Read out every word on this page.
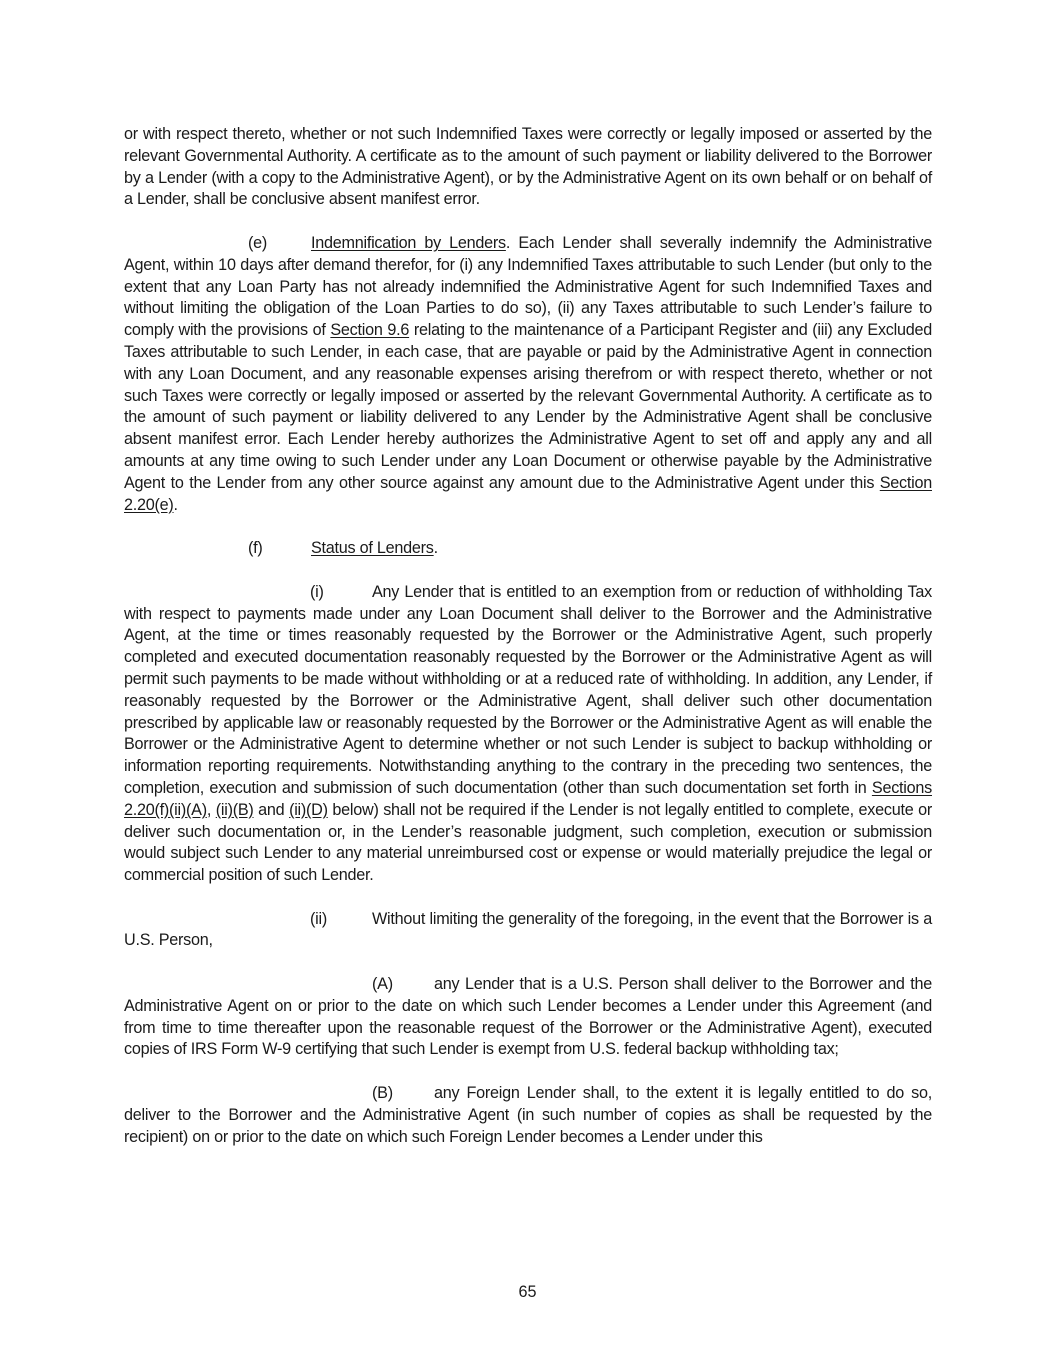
or with respect thereto, whether or not such Indemnified Taxes were correctly or legally imposed or asserted by the relevant Governmental Authority. A certificate as to the amount of such payment or liability delivered to the Borrower by a Lender (with a copy to the Administrative Agent), or by the Administrative Agent on its own behalf or on behalf of a Lender, shall be conclusive absent manifest error.

(e)	Indemnification by Lenders. Each Lender shall severally indemnify the Administrative Agent, within 10 days after demand therefor, for (i) any Indemnified Taxes attributable to such Lender (but only to the extent that any Loan Party has not already indemnified the Administrative Agent for such Indemnified Taxes and without limiting the obligation of the Loan Parties to do so), (ii) any Taxes attributable to such Lender’s failure to comply with the provisions of Section 9.6 relating to the maintenance of a Participant Register and (iii) any Excluded Taxes attributable to such Lender, in each case, that are payable or paid by the Administrative Agent in connection with any Loan Document, and any reasonable expenses arising therefrom or with respect thereto, whether or not such Taxes were correctly or legally imposed or asserted by the relevant Governmental Authority. A certificate as to the amount of such payment or liability delivered to any Lender by the Administrative Agent shall be conclusive absent manifest error. Each Lender hereby authorizes the Administrative Agent to set off and apply any and all amounts at any time owing to such Lender under any Loan Document or otherwise payable by the Administrative Agent to the Lender from any other source against any amount due to the Administrative Agent under this Section 2.20(e).

(f)	Status of Lenders.

(i)	Any Lender that is entitled to an exemption from or reduction of withholding Tax with respect to payments made under any Loan Document shall deliver to the Borrower and the Administrative Agent, at the time or times reasonably requested by the Borrower or the Administrative Agent, such properly completed and executed documentation reasonably requested by the Borrower or the Administrative Agent as will permit such payments to be made without withholding or at a reduced rate of withholding. In addition, any Lender, if reasonably requested by the Borrower or the Administrative Agent, shall deliver such other documentation prescribed by applicable law or reasonably requested by the Borrower or the Administrative Agent as will enable the Borrower or the Administrative Agent to determine whether or not such Lender is subject to backup withholding or information reporting requirements. Notwithstanding anything to the contrary in the preceding two sentences, the completion, execution and submission of such documentation (other than such documentation set forth in Sections 2.20(f)(ii)(A), (ii)(B) and (ii)(D) below) shall not be required if the Lender is not legally entitled to complete, execute or deliver such documentation or, in the Lender’s reasonable judgment, such completion, execution or submission would subject such Lender to any material unreimbursed cost or expense or would materially prejudice the legal or commercial position of such Lender.

(ii)	Without limiting the generality of the foregoing, in the event that the Borrower is a U.S. Person,

(A)	any Lender that is a U.S. Person shall deliver to the Borrower and the Administrative Agent on or prior to the date on which such Lender becomes a Lender under this Agreement (and from time to time thereafter upon the reasonable request of the Borrower or the Administrative Agent), executed copies of IRS Form W-9 certifying that such Lender is exempt from U.S. federal backup withholding tax;

(B)	any Foreign Lender shall, to the extent it is legally entitled to do so, deliver to the Borrower and the Administrative Agent (in such number of copies as shall be requested by the recipient) on or prior to the date on which such Foreign Lender becomes a Lender under this

65
